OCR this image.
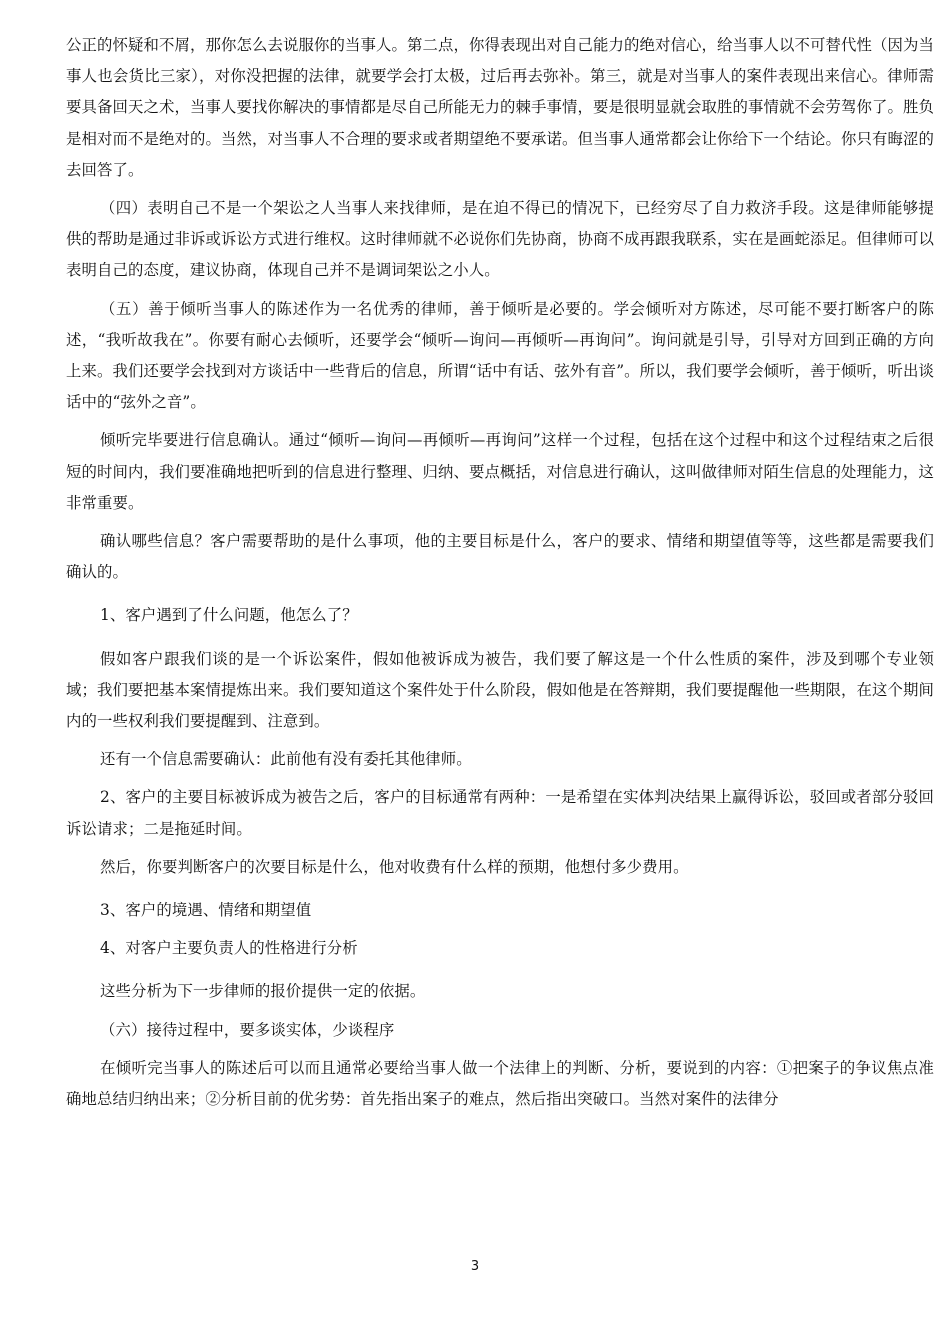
公正的怀疑和不屑，那你怎么去说服你的当事人。第二点，你得表现出对自己能力的绝对信心，给当事人以不可替代性（因为当事人也会货比三家），对你没把握的法律，就要学会打太极，过后再去弥补。第三，就是对当事人的案件表现出来信心。律师需要具备回天之术，当事人要找你解决的事情都是尽自己所能无力的棘手事情，要是很明显就会取胜的事情就不会劳驾你了。胜负是相对而不是绝对的。当然，对当事人不合理的要求或者期望绝不要承诺。但当事人通常都会让你给下一个结论。你只有晦涩的去回答了。

（四）表明自己不是一个架讼之人当事人来找律师，是在迫不得已的情况下，已经穷尽了自力救济手段。这是律师能够提供的帮助是通过非诉或诉讼方式进行维权。这时律师就不必说你们先协商，协商不成再跟我联系，实在是画蛇添足。但律师可以表明自己的态度，建议协商，体现自己并不是调词架讼之小人。

（五）善于倾听当事人的陈述作为一名优秀的律师，善于倾听是必要的。学会倾听对方陈述，尽可能不要打断客户的陈述，“我听故我在”。你要有耐心去倾听，还要学会“倾听—询问—再倾听—再询问”。询问就是引导，引导对方回到正确的方向上来。我们还要学会找到对方谈话中一些背后的信息，所谓“话中有话、弦外有音”。所以，我们要学会倾听，善于倾听，听出谈话中的“弦外之音”。

倾听完毕要进行信息确认。通过“倾听—询问—再倾听—再询问”这样一个过程，包括在这个过程中和这个过程结束之后很短的时间内，我们要准确地把听到的信息进行整理、归纳、要点概括，对信息进行确认，这叫做律师对陌生信息的处理能力，这非常重要。

确认哪些信息？客户需要帮助的是什么事项，他的主要目标是什么，客户的要求、情绪和期望值等等，这些都是需要我们确认的。

1、客户遇到了什么问题，他怎么了？

假如客户跟我们谈的是一个诉讼案件，假如他被诉成为被告，我们要了解这是一个什么性质的案件，涉及到哪个专业领域；我们要把基本案情提炼出来。我们要知道这个案件处于什么阶段，假如他是在答辩期，我们要提醒他一些期限，在这个期间内的一些权利我们要提醒到、注意到。

还有一个信息需要确认：此前他有没有委托其他律师。

2、客户的主要目标被诉成为被告之后，客户的目标通常有两种：一是希望在实体判决结果上赢得诉讼，驳回或者部分驳回诉讼请求；二是拖延时间。

然后，你要判断客户的次要目标是什么，他对收费有什么样的预期，他想付多少费用。

3、客户的境遇、情绪和期望值

4、对客户主要负责人的性格进行分析

这些分析为下一步律师的报价提供一定的依据。

（六）接待过程中，要多谈实体，少谈程序

在倾听完当事人的陈述后可以而且通常必要给当事人做一个法律上的判断、分析，要说到的内容：①把案子的争议焦点准确地总结归纳出来；②分析目前的优劣势：首先指出案子的难点，然后指出突破口。当然对案件的法律分

3
